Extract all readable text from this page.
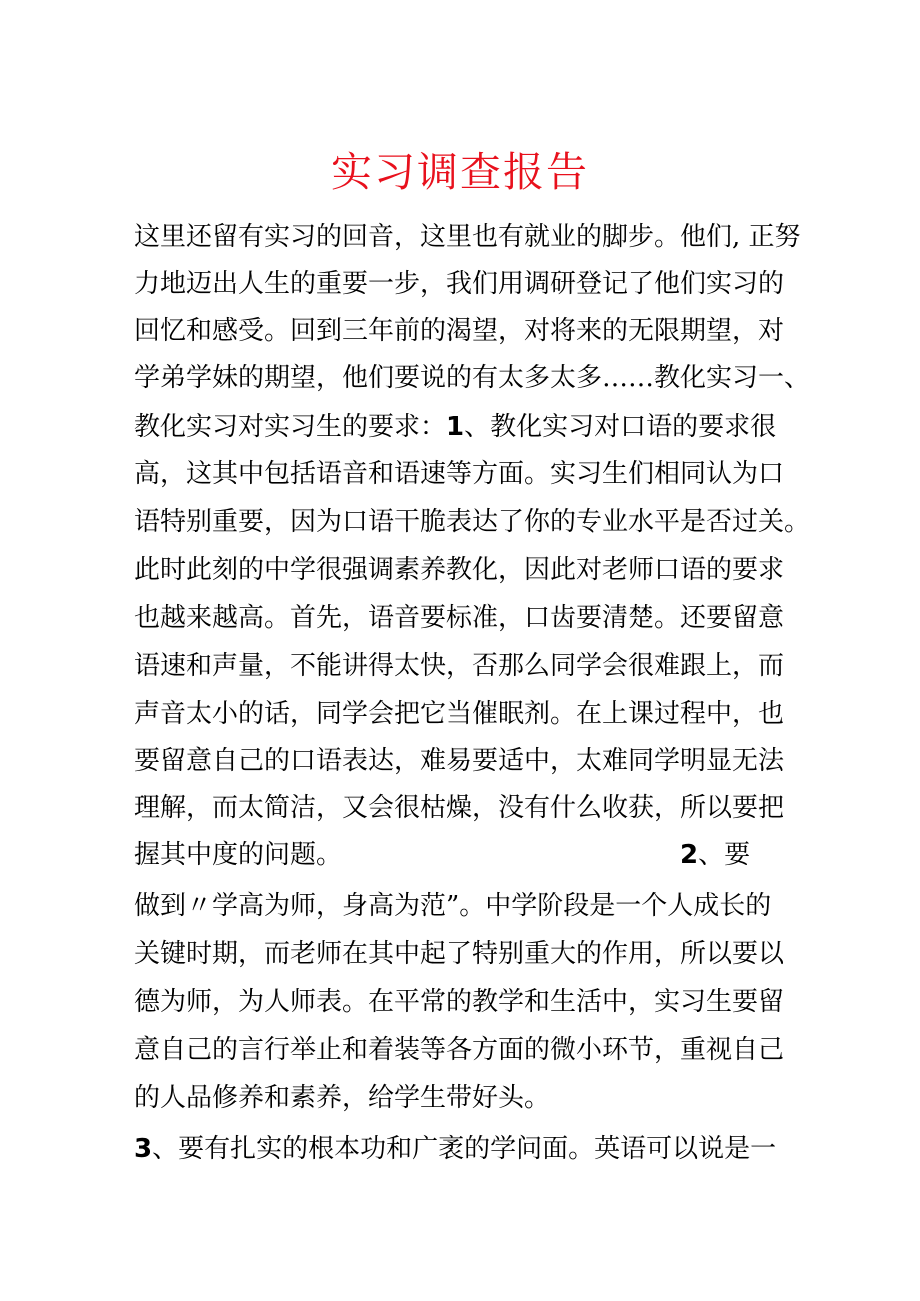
实习调查报告
这里还留有实习的回音，这里也有就业的脚步。他们, 正努
力地迈出人生的重要一步，我们用调研登记了他们实习的
回忆和感受。回到三年前的渴望，对将来的无限期望，对
学弟学妹的期望，他们要说的有太多太多……教化实习一、
教化实习对实习生的要求：1、教化实习对口语的要求很
高，这其中包括语音和语速等方面。实习生们相同认为口
语特别重要，因为口语干脆表达了你的专业水平是否过关。
此时此刻的中学很强调素养教化，因此对老师口语的要求
也越来越高。首先，语音要标准，口齿要清楚。还要留意
语速和声量，不能讲得太快，否那么同学会很难跟上，而
声音太小的话，同学会把它当催眠剂。在上课过程中，也
要留意自己的口语表达，难易要适中，太难同学明显无法
理解，而太简洁，又会很枯燥，没有什么收获，所以要把
握其中度的问题。	2、要
做到〃学高为师，身高为范”。中学阶段是一个人成长的
关键时期，而老师在其中起了特别重大的作用，所以要以
德为师，为人师表。在平常的教学和生活中，实习生要留
意自己的言行举止和着装等各方面的微小环节，重视自己
的人品修养和素养，给学生带好头。
3、要有扎实的根本功和广袤的学问面。英语可以说是一
